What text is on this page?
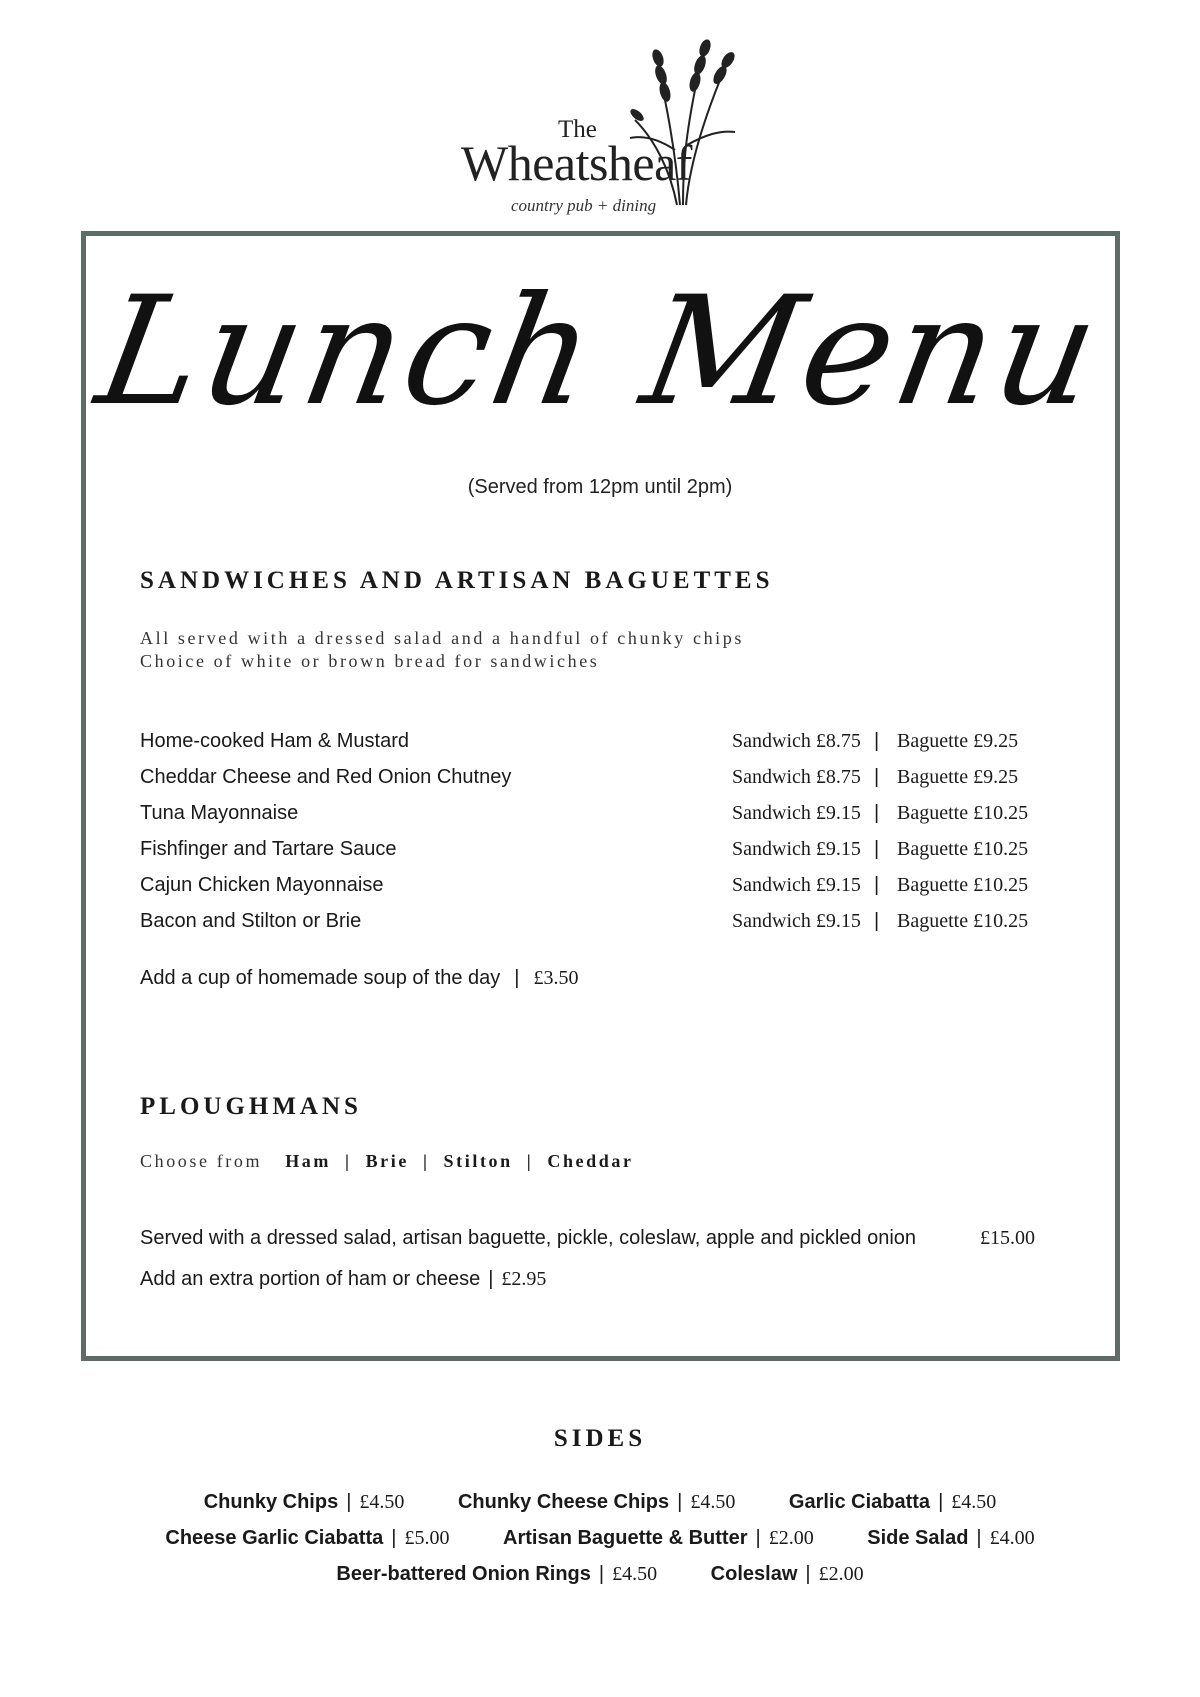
The
Wheatsheaf
country pub + dining
Lunch Menu
(Served from 12pm until 2pm)
SANDWICHES AND ARTISAN BAGUETTES
All served with a dressed salad and a handful of chunky chips
Choice of white or brown bread for sandwiches
Home-cooked Ham & Mustard	Sandwich £8.75 | Baguette £9.25
Cheddar Cheese and Red Onion Chutney	Sandwich £8.75 | Baguette £9.25
Tuna Mayonnaise	Sandwich £9.15 | Baguette £10.25
Fishfinger and Tartare Sauce	Sandwich £9.15 | Baguette £10.25
Cajun Chicken Mayonnaise	Sandwich £9.15 | Baguette £10.25
Bacon and Stilton or Brie	Sandwich £9.15 | Baguette £10.25
Add a cup of homemade soup of the day | £3.50
PLOUGHMANS
Choose from Ham | Brie | Stilton | Cheddar
Served with a dressed salad, artisan baguette, pickle, coleslaw, apple and pickled onion	£15.00
Add an extra portion of ham or cheese | £2.95
SIDES
Chunky Chips | £4.50	Chunky Cheese Chips | £4.50	Garlic Ciabatta | £4.50
Cheese Garlic Ciabatta | £5.00	Artisan Baguette & Butter | £2.00	Side Salad | £4.00
Beer-battered Onion Rings | £4.50	Coleslaw | £2.00
